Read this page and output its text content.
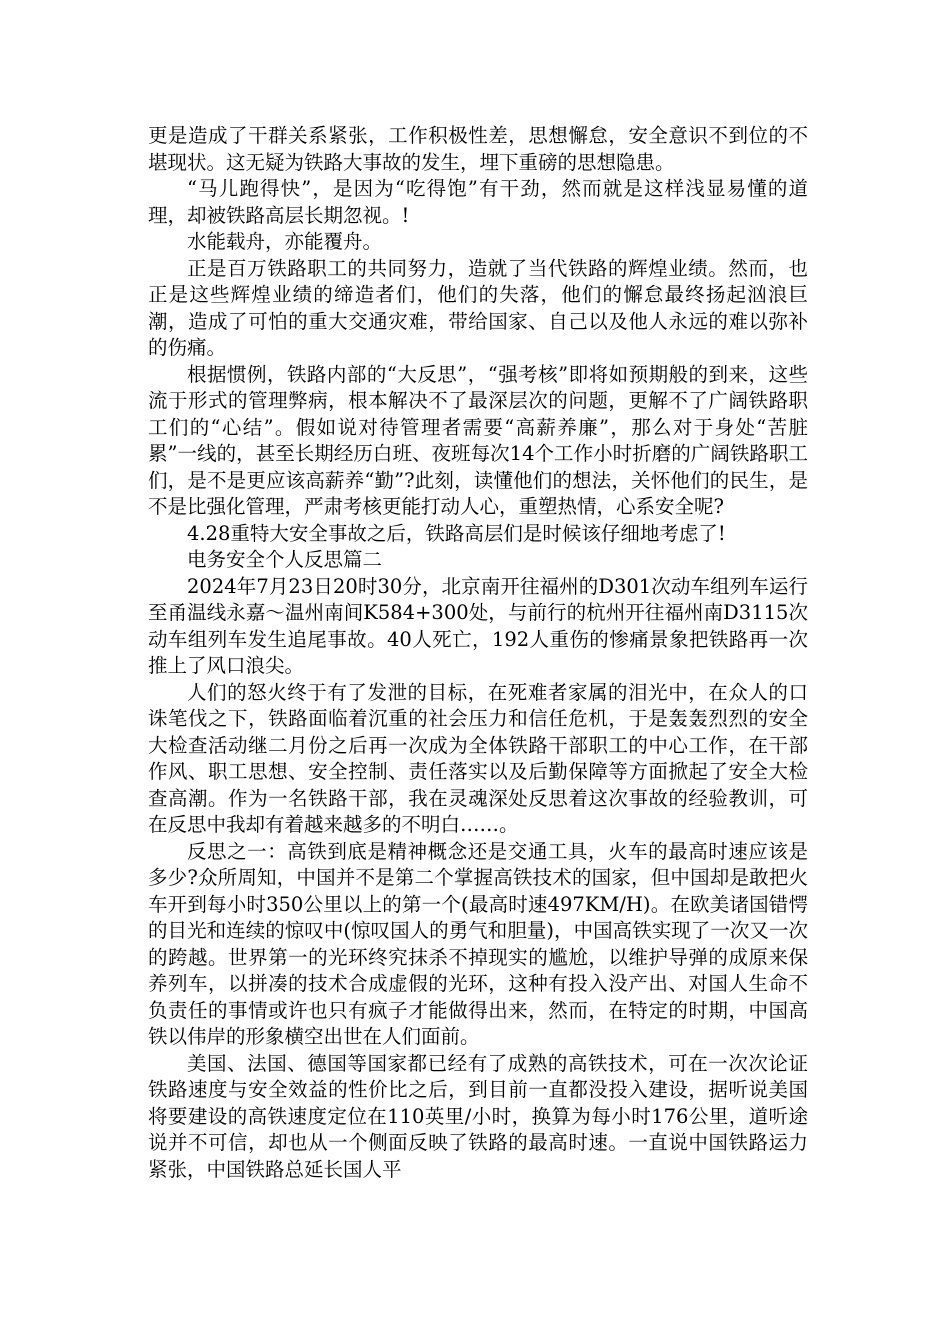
更是造成了干群关系紧张，工作积极性差，思想懈怠，安全意识不到位的不堪现状。这无疑为铁路大事故的发生，埋下重磅的思想隐患。

“马儿跑得快”，是因为“吃得饱”有干劲，然而就是这样浅显易懂的道理，却被铁路高层长期忽视。!

水能载舟，亦能覆舟。

正是百万铁路职工的共同努力，造就了当代铁路的辉煌业绩。然而，也正是这些辉煌业绩的缔造者们，他们的失落，他们的懈怠最终扬起汹浪巨潮，造成了可怕的重大交通灾难，带给国家、自己以及他人永远的难以弥补的伤痛。

根据惯例，铁路内部的“大反思”，“强考核”即将如预期般的到来，这些流于形式的管理弊病，根本解决不了最深层次的问题，更解不了广阔铁路职工们的“心结”。假如说对待管理者需要“高薪养廉”，那么对于身处“苦脏累”一线的，甚至长期经历白班、夜班每次14个工作小时折磨的广阔铁路职工们，是不是更应该高薪养“勤”?此刻，读懂他们的想法，关怀他们的民生，是不是比强化管理，严肃考核更能打动人心，重塑热情，心系安全呢?

4.28重特大安全事故之后，铁路高层们是时候该仔细地考虑了!

电务安全个人反思篇二

2024年7月23日20时30分，北京南开往福州的D301次动车组列车运行至甬温线永嘉～温州南间K584+300处，与前行的杭州开往福州南D3115次动车组列车发生追尾事故。40人死亡，192人重伤的惨痛景象把铁路再一次推上了风口浪尖。

人们的怒火终于有了发泄的目标，在死难者家属的泪光中，在众人的口诛笔伐之下，铁路面临着沉重的社会压力和信任危机，于是轰轰烈烈的安全大检查活动继二月份之后再一次成为全体铁路干部职工的中心工作，在干部作风、职工思想、安全控制、责任落实以及后勤保障等方面掀起了安全大检查高潮。作为一名铁路干部，我在灵魂深处反思着这次事故的经验教训，可在反思中我却有着越来越多的不明白……。

反思之一：高铁到底是精神概念还是交通工具，火车的最高时速应该是多少?众所周知，中国并不是第二个掌握高铁技术的国家，但中国却是敢把火车开到每小时350公里以上的第一个(最高时速497KM/H)。在欧美诸国错愕的目光和连续的惊叹中(惊叹国人的勇气和胆量)，中国高铁实现了一次又一次的跨越。世界第一的光环终究抹杀不掉现实的尴尬，以维护导弹的成原来保养列车，以拼凑的技术合成虚假的光环，这种有投入没产出、对国人生命不负责任的事情或许也只有疯子才能做得出来，然而，在特定的时期，中国高铁以伟岸的形象横空出世在人们面前。

美国、法国、德国等国家都已经有了成熟的高铁技术，可在一次次论证铁路速度与安全效益的性价比之后，到目前一直都没投入建设，据听说美国将要建设的高铁速度定位在110英里/小时，换算为每小时176公里，道听途说并不可信，却也从一个侧面反映了铁路的最高时速。一直说中国铁路运力紧张，中国铁路总延长国人平
